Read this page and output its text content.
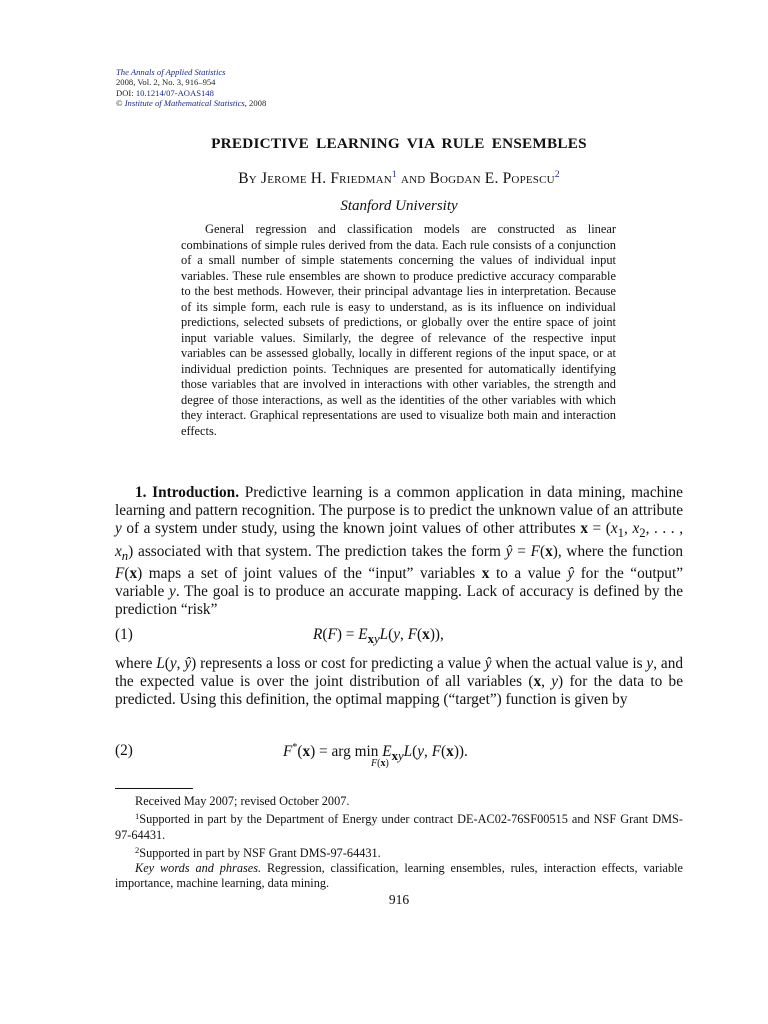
The Annals of Applied Statistics
2008, Vol. 2, No. 3, 916–954
DOI: 10.1214/07-AOAS148
© Institute of Mathematical Statistics, 2008
PREDICTIVE LEARNING VIA RULE ENSEMBLES
By Jerome H. Friedman$^1$ and Bogdan E. Popescu$^2$
Stanford University

General regression and classification models are constructed as linear combinations of simple rules derived from the data. Each rule consists of a conjunction of a small number of simple statements concerning the values of individual input variables. These rule ensembles are shown to produce predictive accuracy comparable to the best methods. However, their principal advantage lies in interpretation. Because of its simple form, each rule is easy to understand, as is its influence on individual predictions, selected subsets of predictions, or globally over the entire space of joint input variable values. Similarly, the degree of relevance of the respective input variables can be assessed globally, locally in different regions of the input space, or at individual prediction points. Techniques are presented for automatically identifying those variables that are involved in interactions with other variables, the strength and degree of those interactions, as well as the identities of the other variables with which they interact. Graphical representations are used to visualize both main and interaction effects.

1. Introduction. Predictive learning is a common application in data mining, machine learning and pattern recognition. The purpose is to predict the unknown value of an attribute y of a system under study, using the known joint values of other attributes $x = (x_1$, $x_2$, . . . , $x_n$) associated with that system. The prediction takes the form ŷ = F(x), where the function F(x) maps a set of joint values of the “input” variables x to a value ŷ for the “output” variable y. The goal is to produce an accurate mapping. Lack of accuracy is defined by the prediction “risk”

(1)	$R(F) = E_{xy}L(y$, F(x)),

where L(y, ŷ) represents a loss or cost for predicting a value ŷ when the actual value is y, and the expected value is over the joint distribution of all variables (x, y) for the data to be predicted. Using this definition, the optimal mapping (“target”) function is given by

(2)	F*(x) = arg $\min E_{xy}L(y$, F(x)).
F(x)

Received May 2007; revised October 2007.

$^1$Supported in part by the Department of Energy under contract DE-AC02-76SF00515 and NSF Grant DMS-97-64431.

$^2$Supported in part by NSF Grant DMS-97-64431.

Key words and phrases. Regression, classification, learning ensembles, rules, interaction effects, variable importance, machine learning, data mining.

916
